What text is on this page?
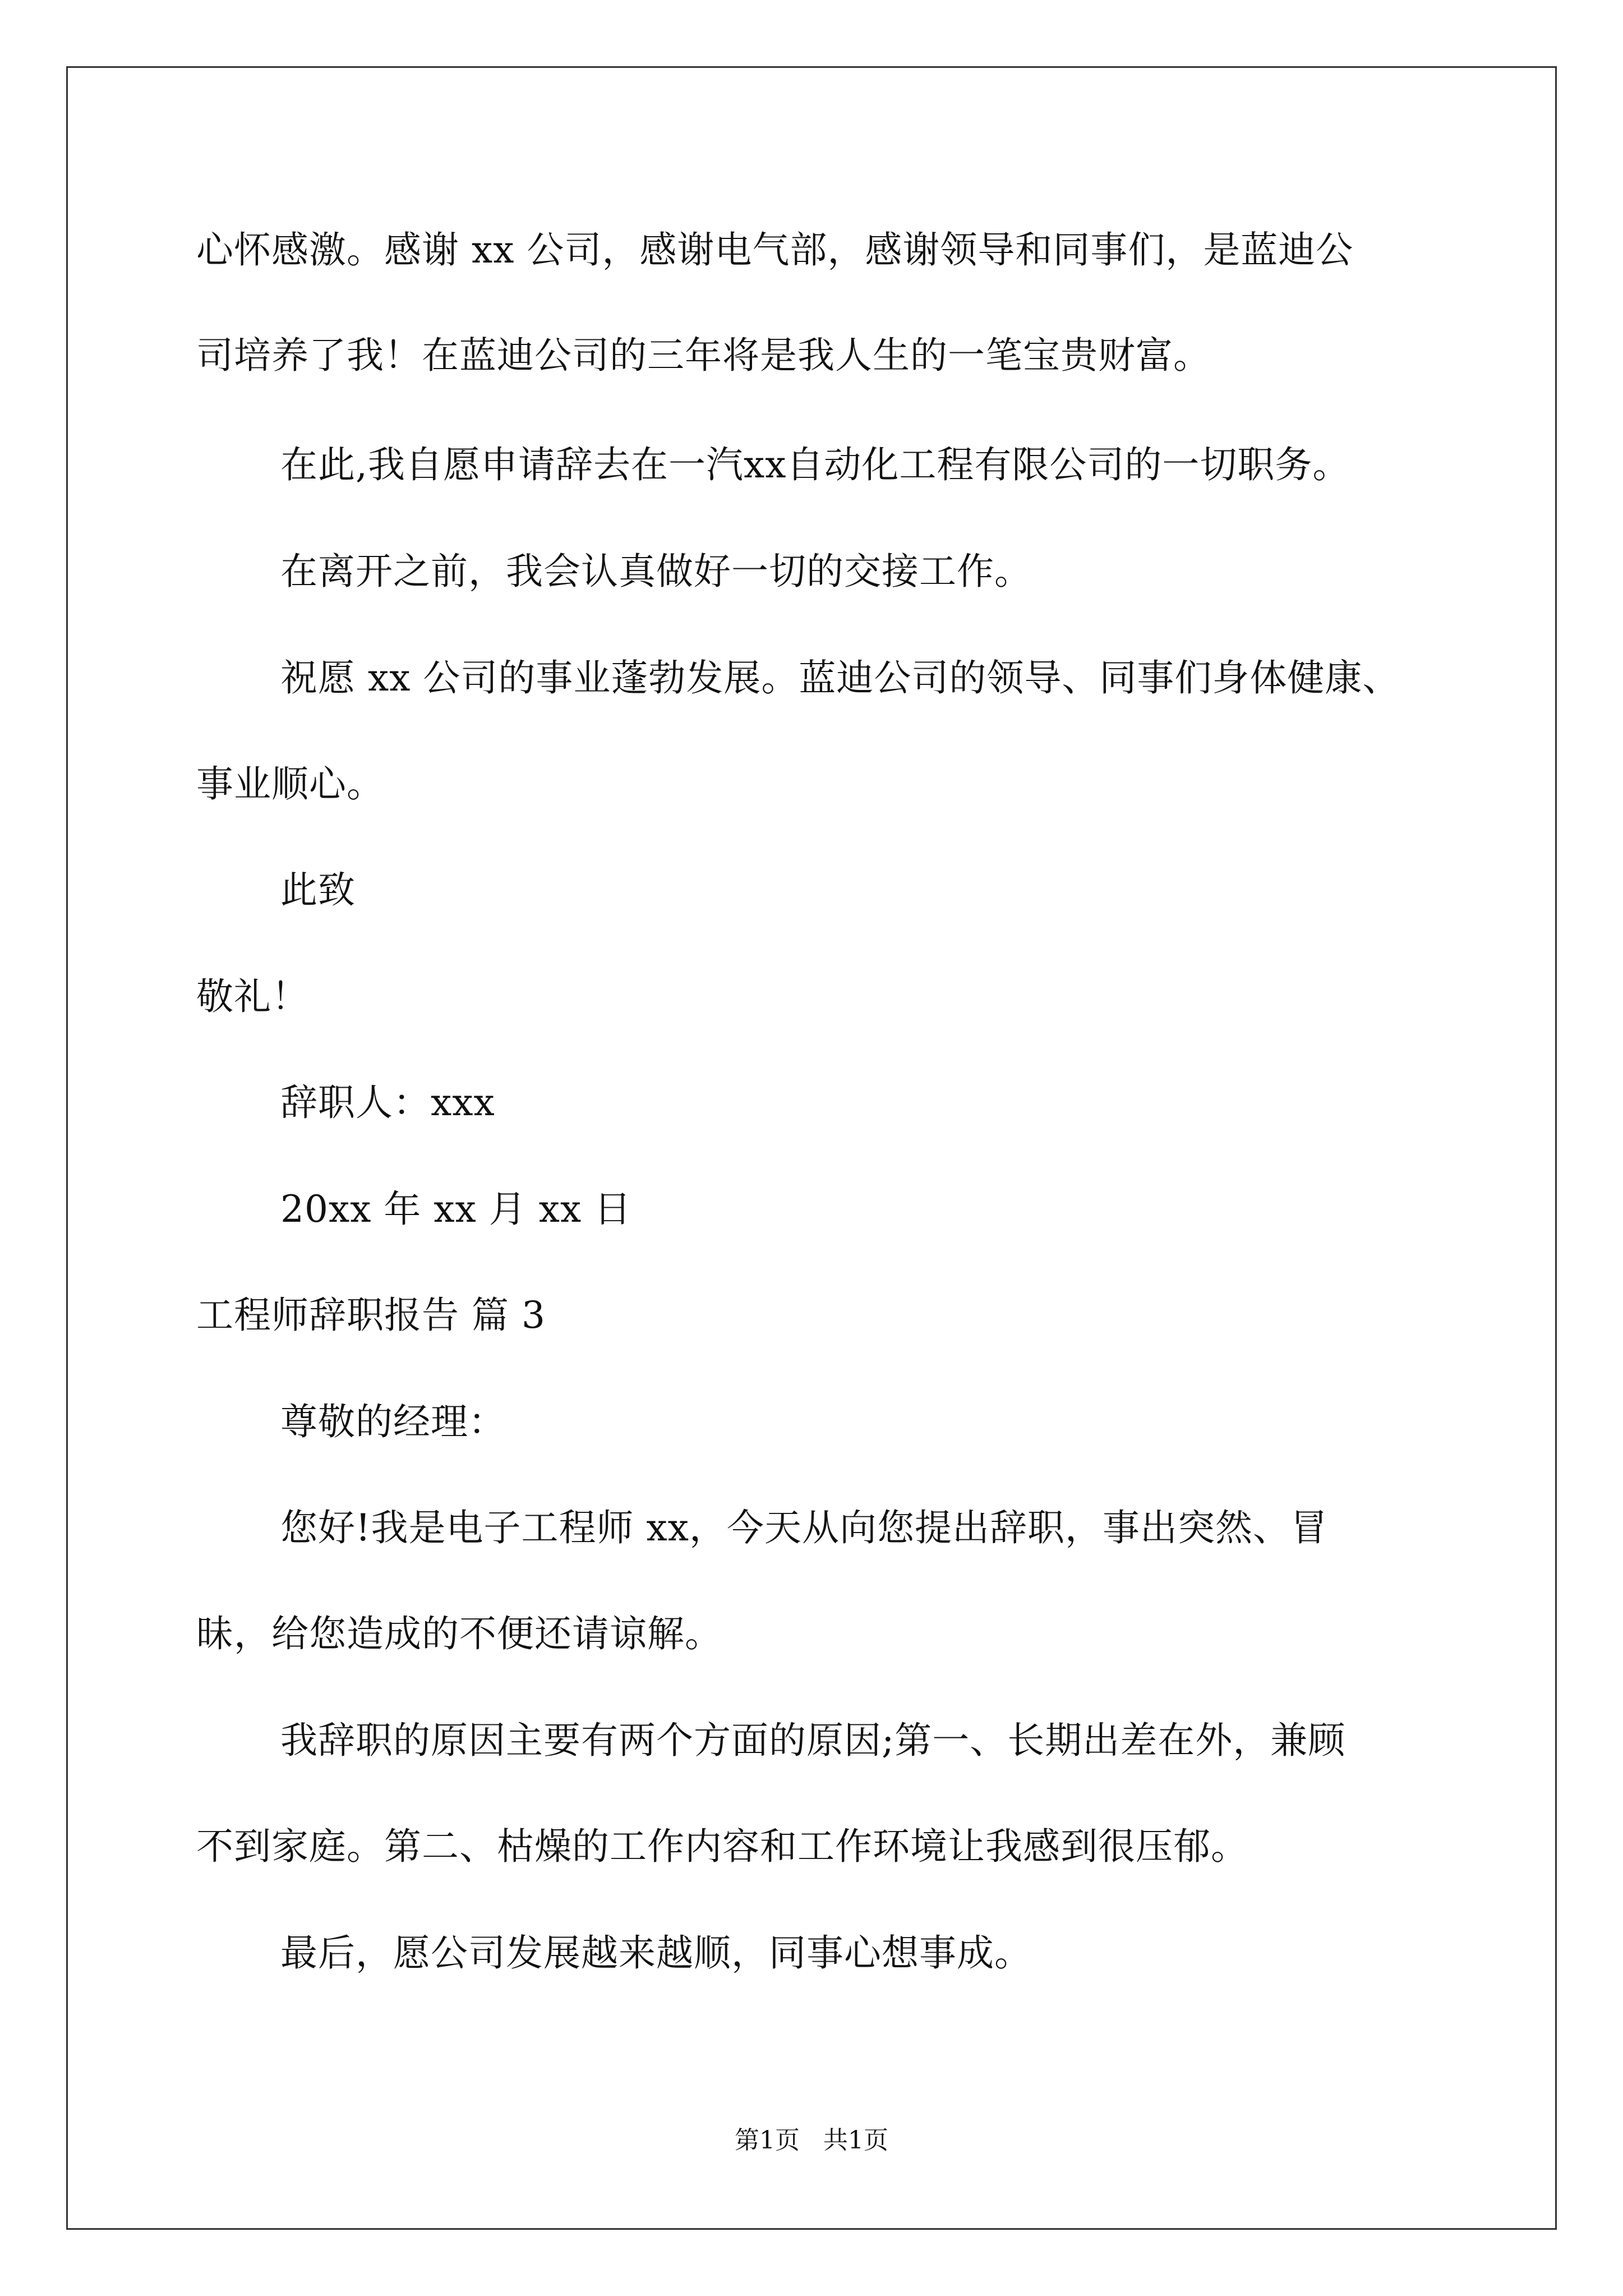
心怀感激。感谢 xx 公司，感谢电气部，感谢领导和同事们，是蓝迪公
司培养了我！在蓝迪公司的三年将是我人生的一笔宝贵财富。
在此,我自愿申请辞去在一汽xx自动化工程有限公司的一切职务。
在离开之前，我会认真做好一切的交接工作。
祝愿 xx 公司的事业蓬勃发展。蓝迪公司的领导、同事们身体健康、
事业顺心。
此致
敬礼！
辞职人：xxx
20xx 年 xx 月 xx 日
工程师辞职报告 篇 3
尊敬的经理：
您好!我是电子工程师 xx，今天从向您提出辞职，事出突然、冒
昧，给您造成的不便还请谅解。
我辞职的原因主要有两个方面的原因;第一、长期出差在外，兼顾
不到家庭。第二、枯燥的工作内容和工作环境让我感到很压郁。
最后，愿公司发展越来越顺，同事心想事成。
第1页   共1页
